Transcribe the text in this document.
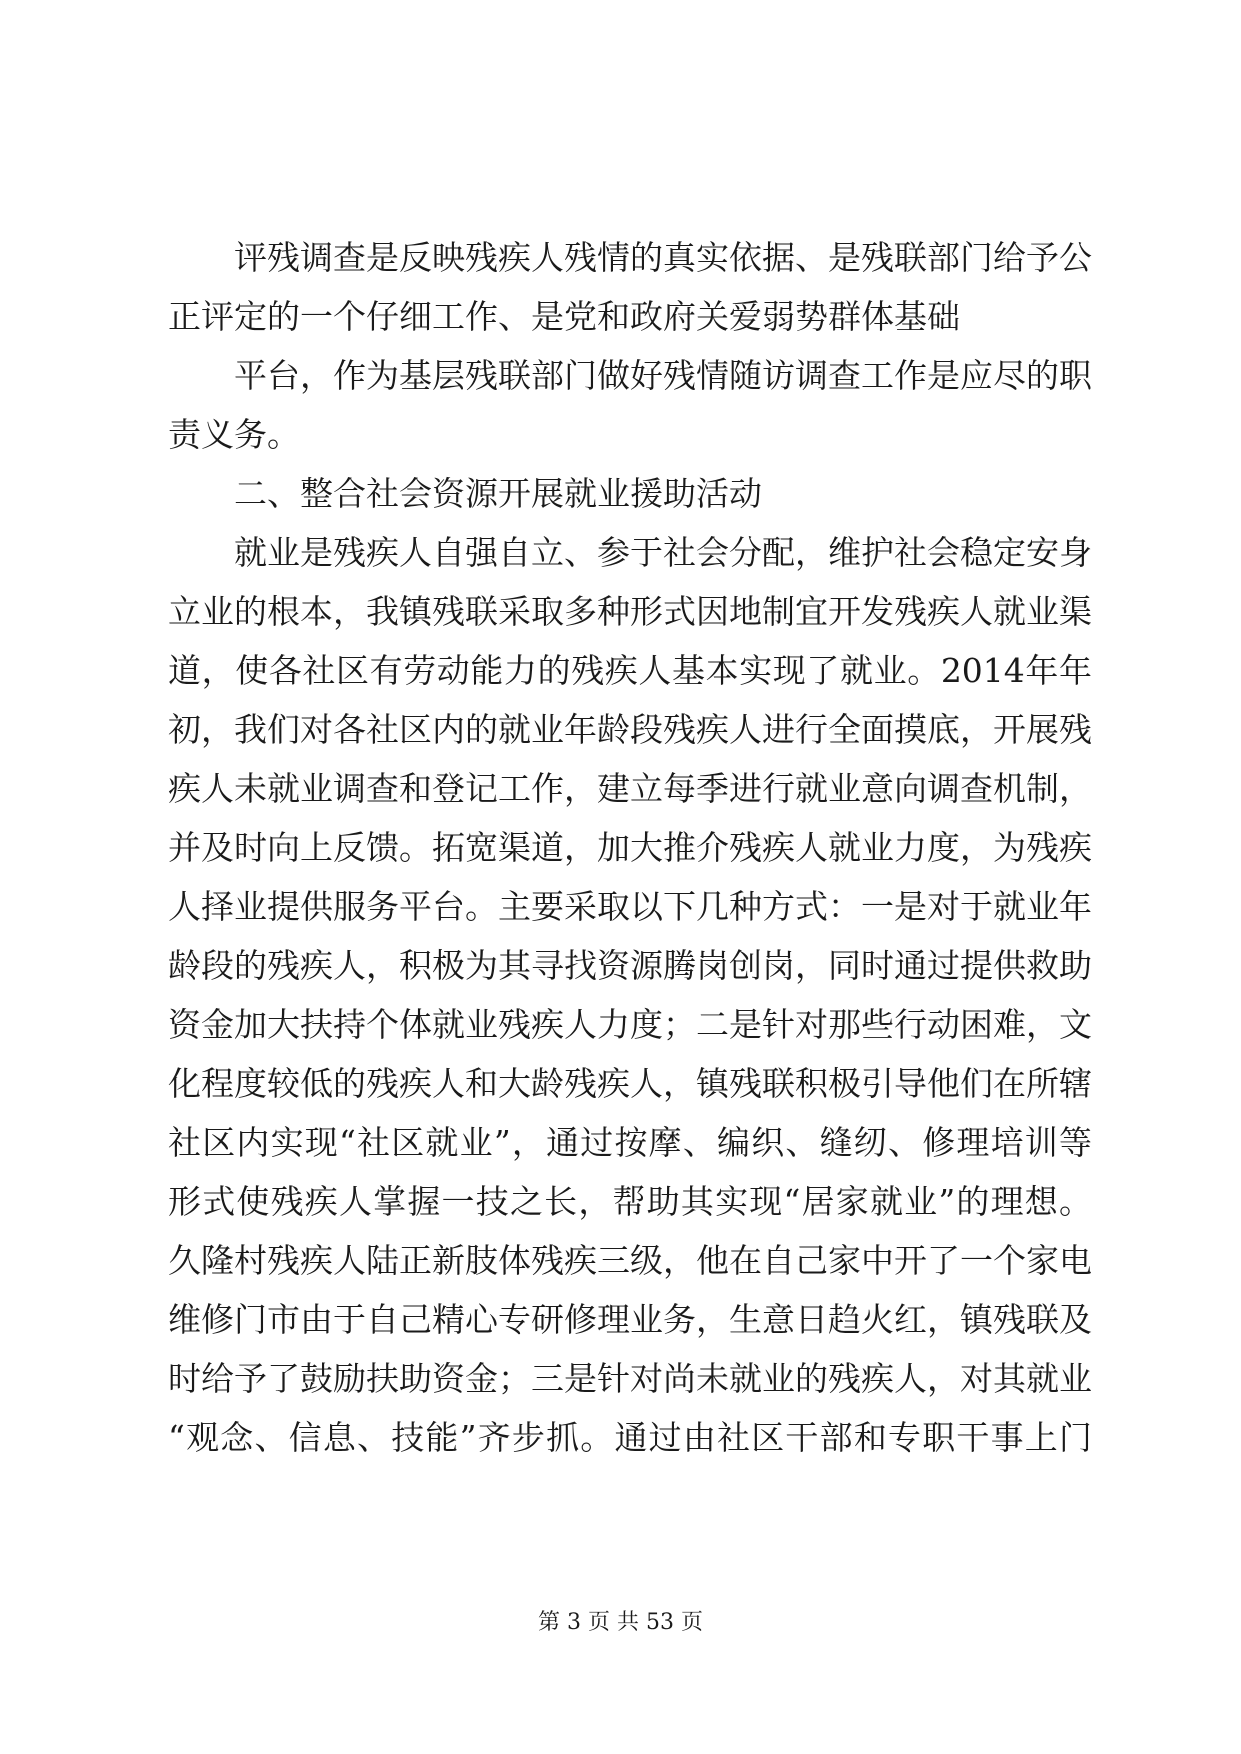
评残调查是反映残疾人残情的真实依据、是残联部门给予公
正评定的一个仔细工作、是党和政府关爱弱势群体基础
平台，作为基层残联部门做好残情随访调查工作是应尽的职
责义务。
二、整合社会资源开展就业援助活动
就业是残疾人自强自立、参于社会分配，维护社会稳定安身
立业的根本，我镇残联采取多种形式因地制宜开发残疾人就业渠
道，使各社区有劳动能力的残疾人基本实现了就业。2014年年
初，我们对各社区内的就业年龄段残疾人进行全面摸底，开展残
疾人未就业调查和登记工作，建立每季进行就业意向调查机制，
并及时向上反馈。拓宽渠道，加大推介残疾人就业力度，为残疾
人择业提供服务平台。主要采取以下几种方式：一是对于就业年
龄段的残疾人，积极为其寻找资源腾岗创岗，同时通过提供救助
资金加大扶持个体就业残疾人力度；二是针对那些行动困难，文
化程度较低的残疾人和大龄残疾人，镇残联积极引导他们在所辖
社区内实现“社区就业”，通过按摩、编织、缝纫、修理培训等
形式使残疾人掌握一技之长，帮助其实现“居家就业”的理想。
久隆村残疾人陆正新肢体残疾三级，他在自己家中开了一个家电
维修门市由于自己精心专研修理业务，生意日趋火红，镇残联及
时给予了鼓励扶助资金；三是针对尚未就业的残疾人，对其就业
“观念、信息、技能”齐步抓。通过由社区干部和专职干事上门
第 3 页 共 53 页
